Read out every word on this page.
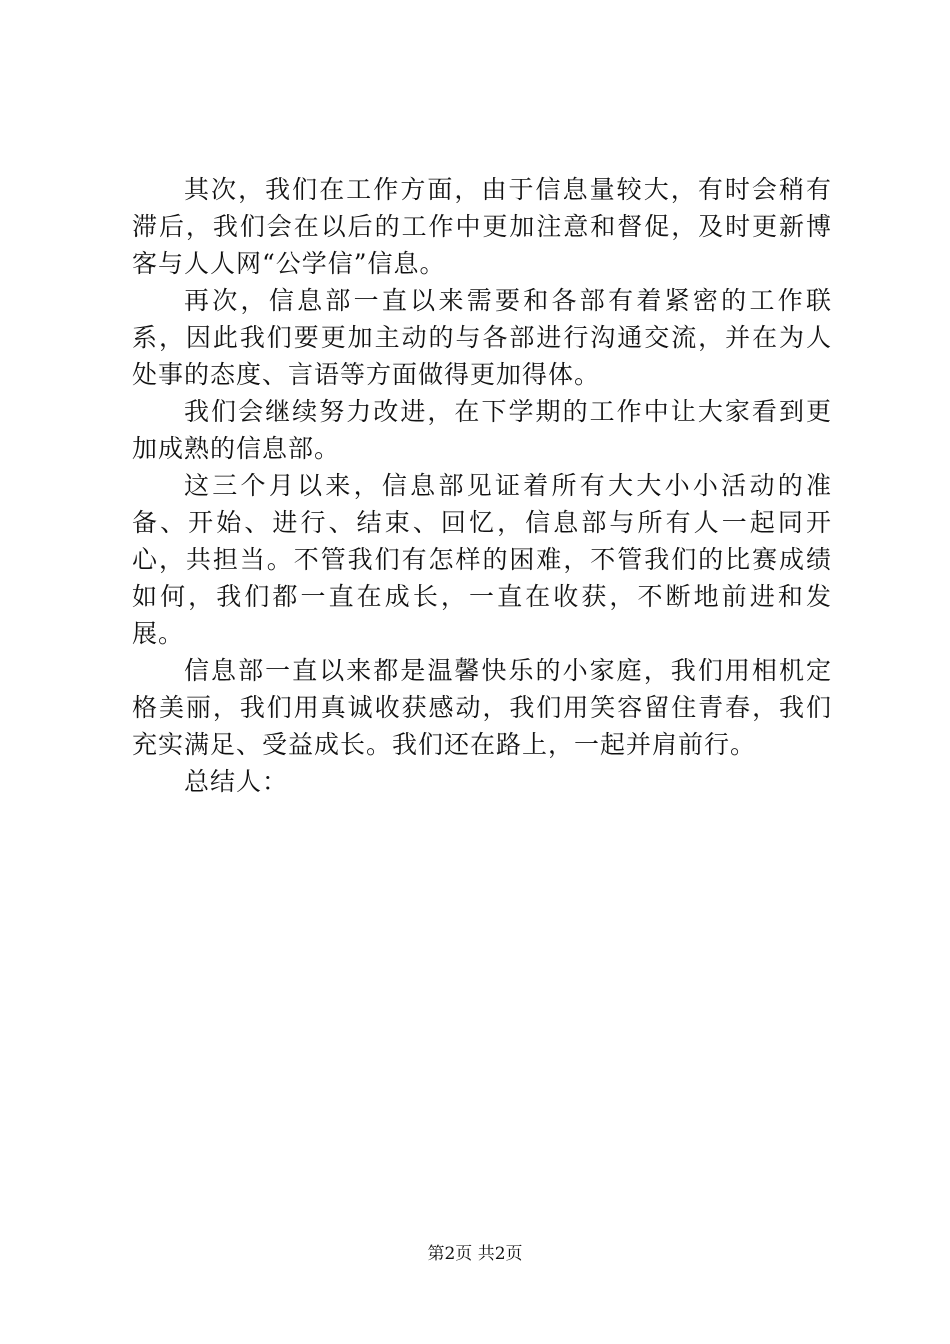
其次，我们在工作方面，由于信息量较大，有时会稍有滞后，我们会在以后的工作中更加注意和督促，及时更新博客与人人网“公学信”信息。

再次，信息部一直以来需要和各部有着紧密的工作联系，因此我们要更加主动的与各部进行沟通交流，并在为人处事的态度、言语等方面做得更加得体。

我们会继续努力改进，在下学期的工作中让大家看到更加成熟的信息部。

这三个月以来，信息部见证着所有大大小小活动的准备、开始、进行、结束、回忆，信息部与所有人一起同开心，共担当。不管我们有怎样的困难，不管我们的比赛成绩如何，我们都一直在成长，一直在收获，不断地前进和发展。

信息部一直以来都是温馨快乐的小家庭，我们用相机定格美丽，我们用真诚收获感动，我们用笑容留住青春，我们充实满足、受益成长。我们还在路上，一起并肩前行。

总结人：

第2页 共2页
